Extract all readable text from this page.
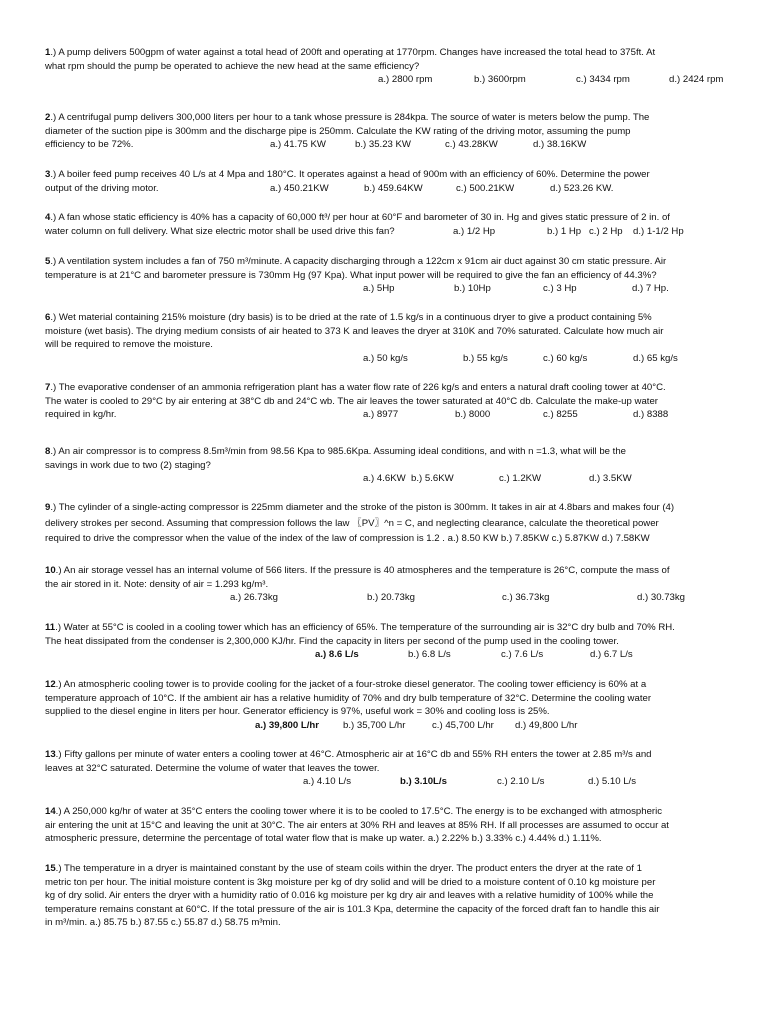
1.) A pump delivers 500gpm of water against a total head of 200ft and operating at 1770rpm. Changes have increased the total head to 375ft. At
what rpm should the pump be operated to achieve the new head at the same efficiency?
a.) 2800 rpm	b.) 3600rpm	c.) 3434 rpm	d.) 2424 rpm
2.) A centrifugal pump delivers 300,000 liters per hour to a tank whose pressure is 284kpa. The source of water is meters below the pump. The
diameter of the suction pipe is 300mm and the discharge pipe is 250mm. Calculate the KW rating of the driving motor, assuming the pump
efficiency to be 72%.	a.) 41.75 KW	b.) 35.23 KW	c.) 43.28KW	d.) 38.16KW
3.) A boiler feed pump receives 40 L/s at 4 Mpa and 180°C. It operates against a head of 900m with an efficiency of 60%. Determine the power
output of the driving motor.	a.) 450.21KW	b.) 459.64KW	c.) 500.21KW	d.) 523.26 KW.
4.) A fan whose static efficiency is 40% has a capacity of 60,000 ft³/ per hour at 60°F and barometer of 30 in. Hg and gives static pressure of 2 in. of
water column on full delivery. What size electric motor shall be used drive this fan?	a.) 1/2 Hp	b.) 1 Hp c.) 2 Hp d.) 1-1/2 Hp
5.) A ventilation system includes a fan of 750 m³/minute. A capacity discharging through a 122cm x 91cm air duct against 30 cm static pressure. Air
temperature is at 21°C and barometer pressure is 730mm Hg (97 Kpa). What input power will be required to give the fan an efficiency of 44.3%?
a.) 5Hp	b.) 10Hp	c.) 3 Hp	d.) 7 Hp.
6.) Wet material containing 215% moisture (dry basis) is to be dried at the rate of 1.5 kg/s in a continuous dryer to give a product containing 5%
moisture (wet basis). The drying medium consists of air heated to 373 K and leaves the dryer at 310K and 70% saturated. Calculate how much air
will be required to remove the moisture.
a.) 50 kg/s	b.) 55 kg/s	c.) 60 kg/s	d.) 65 kg/s
7.) The evaporative condenser of an ammonia refrigeration plant has a water flow rate of 226 kg/s and enters a natural draft cooling tower at 40°C.
The water is cooled to 29°C by air entering at 38°C db and 24°C wb. The air leaves the tower saturated at 40°C db. Calculate the make-up water
required in kg/hr.	a.) 8977	b.) 8000	c.) 8255	d.) 8388
8.) An air compressor is to compress 8.5m³/min from 98.56 Kpa to 985.6Kpa. Assuming ideal conditions, and with n =1.3, what will be the
savings in work due to two (2) staging?
a.) 4.6KW b.) 5.6KW	c.) 1.2KW	d.) 3.5KW
9.) The cylinder of a single-acting compressor is 225mm diameter and the stroke of the piston is 300mm. It takes in air at 4.8bars and makes four (4)
delivery strokes per second. Assuming that compression follows the law 〖PV〗^n = C, and neglecting clearance, calculate the theoretical power
required to drive the compressor when the value of the index of the law of compression is 1.2 . a.) 8.50 KW b.) 7.85KW c.) 5.87KW d.) 7.58KW
10.) An air storage vessel has an internal volume of 566 liters. If the pressure is 40 atmospheres and the temperature is 26°C, compute the mass of
the air stored in it. Note: density of air = 1.293 kg/m³.
a.) 26.73kg	b.) 20.73kg	c.) 36.73kg	d.) 30.73kg
11.) Water at 55°C is cooled in a cooling tower which has an efficiency of 65%. The temperature of the surrounding air is 32°C dry bulb and 70% RH.
The heat dissipated from the condenser is 2,300,000 KJ/hr. Find the capacity in liters per second of the pump used in the cooling tower.
a.) 8.6 L/s	b.) 6.8 L/s	c.) 7.6 L/s	d.) 6.7 L/s
12.) An atmospheric cooling tower is to provide cooling for the jacket of a four-stroke diesel generator. The cooling tower efficiency is 60% at a
temperature approach of 10°C. If the ambient air has a relative humidity of 70% and dry bulb temperature of 32°C. Determine the cooling water
supplied to the diesel engine in liters per hour. Generator efficiency is 97%, useful work = 30% and cooling loss is 25%.
a.) 39,800 L/hr	b.) 35,700 L/hr	c.) 45,700 L/hr d.) 49,800 L/hr
13.) Fifty gallons per minute of water enters a cooling tower at 46°C. Atmospheric air at 16°C db and 55% RH enters the tower at 2.85 m³/s and
leaves at 32°C saturated. Determine the volume of water that leaves the tower.
a.) 4.10 L/s	b.) 3.10L/s	c.) 2.10 L/s	d.) 5.10 L/s
14.) A 250,000 kg/hr of water at 35°C enters the cooling tower where it is to be cooled to 17.5°C. The energy is to be exchanged with atmospheric
air entering the unit at 15°C and leaving the unit at 30°C. The air enters at 30% RH and leaves at 85% RH. If all processes are assumed to occur at
atmospheric pressure, determine the percentage of total water flow that is make up water. a.) 2.22% b.) 3.33% c.) 4.44% d.) 1.11%.
15.) The temperature in a dryer is maintained constant by the use of steam coils within the dryer. The product enters the dryer at the rate of 1
metric ton per hour. The initial moisture content is 3kg moisture per kg of dry solid and will be dried to a moisture content of 0.10 kg moisture per
kg of dry solid. Air enters the dryer with a humidity ratio of 0.016 kg moisture per kg dry air and leaves with a relative humidity of 100% while the
temperature remains constant at 60°C. If the total pressure of the air is 101.3 Kpa, determine the capacity of the forced draft fan to handle this air
in m³/min. a.) 85.75 b.) 87.55 c.) 55.87 d.) 58.75 m³min.
